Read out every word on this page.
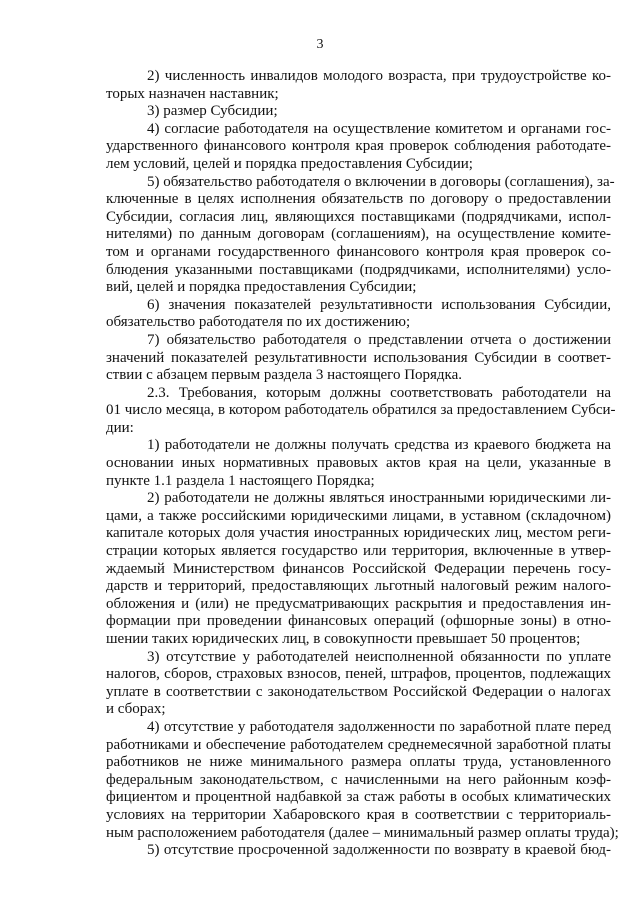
3
2) численность инвалидов молодого возраста, при трудоустройстве ко-
торых назначен наставник;
3) размер Субсидии;
4) согласие работодателя на осуществление комитетом и органами гос-
ударственного финансового контроля края проверок соблюдения работодате-
лем условий, целей и порядка предоставления Субсидии;
5) обязательство работодателя о включении в договоры (соглашения), за-
ключенные в целях исполнения обязательств по договору о предоставлении
Субсидии, согласия лиц, являющихся поставщиками (подрядчиками, испол-
нителями) по данным договорам (соглашениям), на осуществление комите-
том и органами государственного финансового контроля края проверок со-
блюдения указанными поставщиками (подрядчиками, исполнителями) усло-
вий, целей и порядка предоставления Субсидии;
6) значения показателей результативности использования Субсидии,
обязательство работодателя по их достижению;
7) обязательство работодателя о представлении отчета о достижении
значений показателей результативности использования Субсидии в соответ-
ствии с абзацем первым раздела 3 настоящего Порядка.
2.3. Требования, которым должны соответствовать работодатели на
01 число месяца, в котором работодатель обратился за предоставлением Субси-
дии:
1) работодатели не должны получать средства из краевого бюджета на
основании иных нормативных правовых актов края на цели, указанные в
пункте 1.1 раздела 1 настоящего Порядка;
2) работодатели не должны являться иностранными юридическими ли-
цами, а также российскими юридическими лицами, в уставном (складочном)
капитале которых доля участия иностранных юридических лиц, местом реги-
страции которых является государство или территория, включенные в утвер-
ждаемый Министерством финансов Российской Федерации перечень госу-
дарств и территорий, предоставляющих льготный налоговый режим налого-
обложения и (или) не предусматривающих раскрытия и предоставления ин-
формации при проведении финансовых операций (офшорные зоны) в отно-
шении таких юридических лиц, в совокупности превышает 50 процентов;
3) отсутствие у работодателей неисполненной обязанности по уплате
налогов, сборов, страховых взносов, пеней, штрафов, процентов, подлежащих
уплате в соответствии с законодательством Российской Федерации о налогах
и сборах;
4) отсутствие у работодателя задолженности по заработной плате перед
работниками и обеспечение работодателем среднемесячной заработной платы
работников не ниже минимального размера оплаты труда, установленного
федеральным законодательством, с начисленными на него районным коэф-
фициентом и процентной надбавкой за стаж работы в особых климатических
условиях на территории Хабаровского края в соответствии с территориаль-
ным расположением работодателя (далее – минимальный размер оплаты труда);
5) отсутствие просроченной задолженности по возврату в краевой бюд-
